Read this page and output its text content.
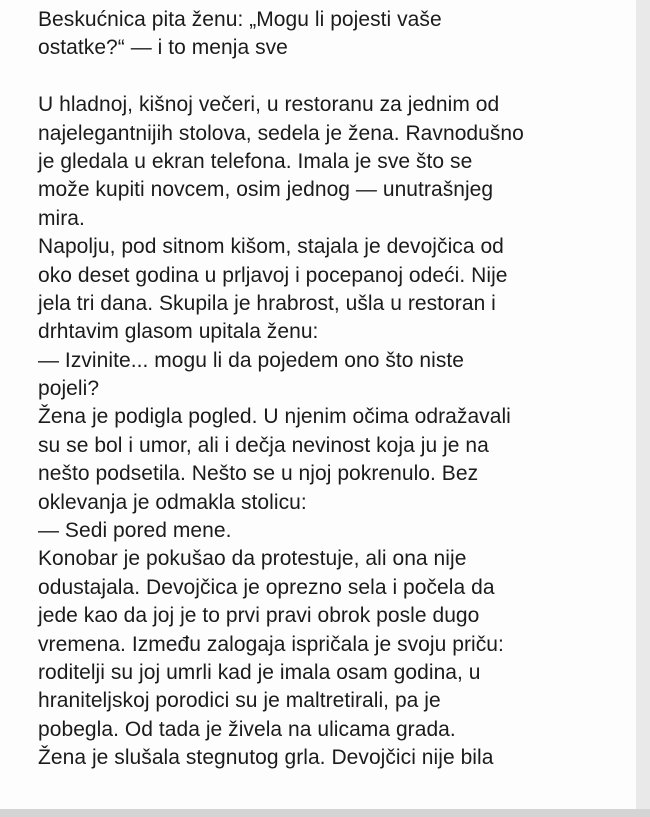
Beskućnica pita ženu: „Mogu li pojesti vaše
ostatke?“ — i to menja sve
U hladnoj, kišnoj večeri, u restoranu za jednim od
najelegantnijih stolova, sedela je žena. Ravnodušno
je gledala u ekran telefona. Imala je sve što se
može kupiti novcem, osim jednog — unutrašnjeg
mira.
Napolju, pod sitnom kišom, stajala je devojčica od
oko deset godina u prljavoj i pocepanoj odeći. Nije
jela tri dana. Skupila je hrabrost, ušla u restoran i
drhtavim glasom upitala ženu:
— Izvinite... mogu li da pojedem ono što niste
pojeli?
Žena je podigla pogled. U njenim očima odražavali
su se bol i umor, ali i dečja nevinost koja ju je na
nešto podsetila. Nešto se u njoj pokrenulo. Bez
oklevanja je odmakla stolicu:
— Sedi pored mene.
Konobar je pokušao da protestuje, ali ona nije
odustajala. Devojčica je oprezno sela i počela da
jede kao da joj je to prvi pravi obrok posle dugo
vremena. Između zalogaja ispričala je svoju priču:
roditelji su joj umrli kad je imala osam godina, u
hraniteljskoj porodici su je maltretirali, pa je
pobegla. Od tada je živela na ulicama grada.
Žena je slušala stegnutog grla. Devojčici nije bila
